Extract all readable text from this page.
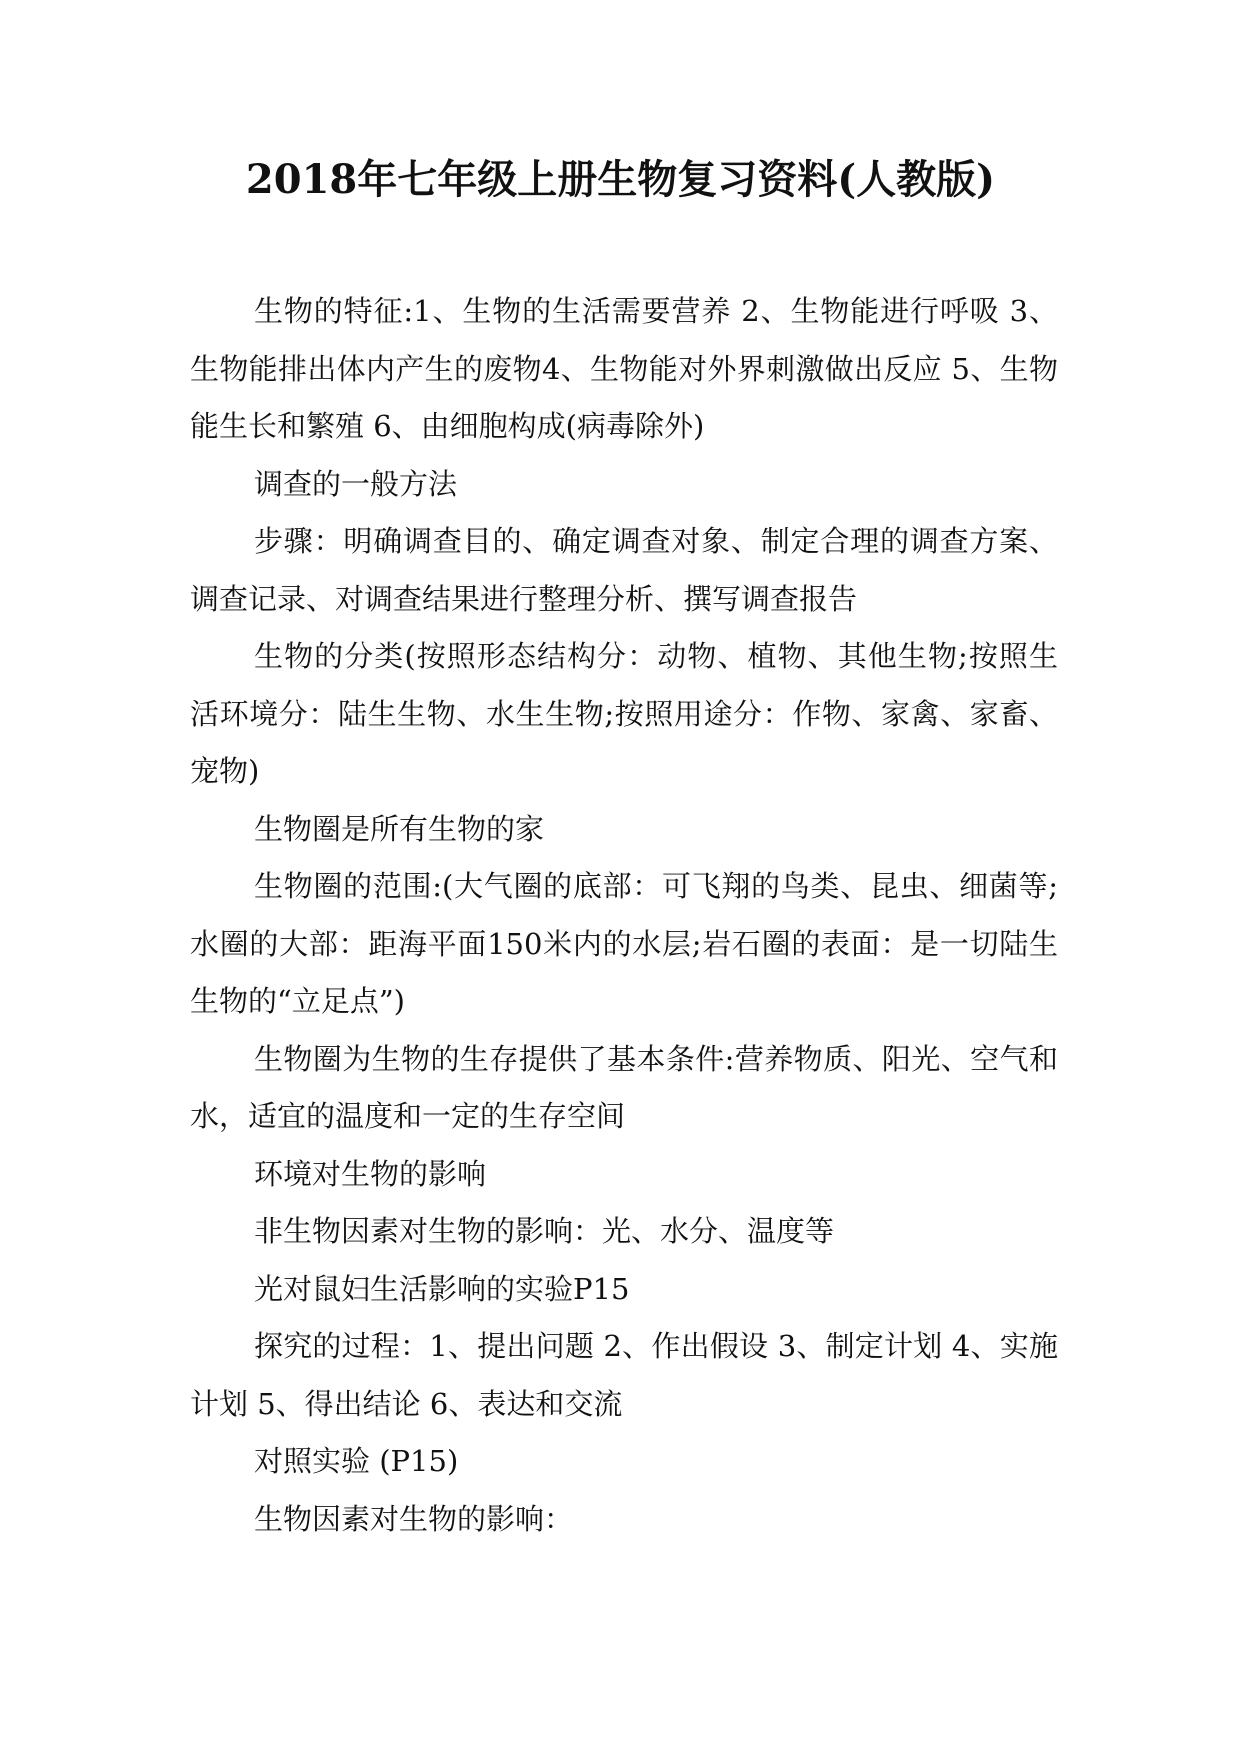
2018年七年级上册生物复习资料(人教版)

生物的特征:1、生物的生活需要营养 2、生物能进行呼吸 3、生物能排出体内产生的废物4、生物能对外界刺激做出反应 5、生物能生长和繁殖 6、由细胞构成(病毒除外)

调查的一般方法

步骤：明确调查目的、确定调查对象、制定合理的调查方案、调查记录、对调查结果进行整理分析、撰写调查报告

生物的分类(按照形态结构分：动物、植物、其他生物;按照生活环境分：陆生生物、水生生物;按照用途分：作物、家禽、家畜、宠物)

生物圈是所有生物的家

生物圈的范围:(大气圈的底部：可飞翔的鸟类、昆虫、细菌等;水圈的大部：距海平面150米内的水层;岩石圈的表面：是一切陆生生物的“立足点”)

生物圈为生物的生存提供了基本条件:营养物质、阳光、空气和水，适宜的温度和一定的生存空间

环境对生物的影响

非生物因素对生物的影响：光、水分、温度等

光对鼠妇生活影响的实验P15

探究的过程：1、提出问题 2、作出假设 3、制定计划 4、实施计划 5、得出结论 6、表达和交流

对照实验 (P15)

生物因素对生物的影响：
